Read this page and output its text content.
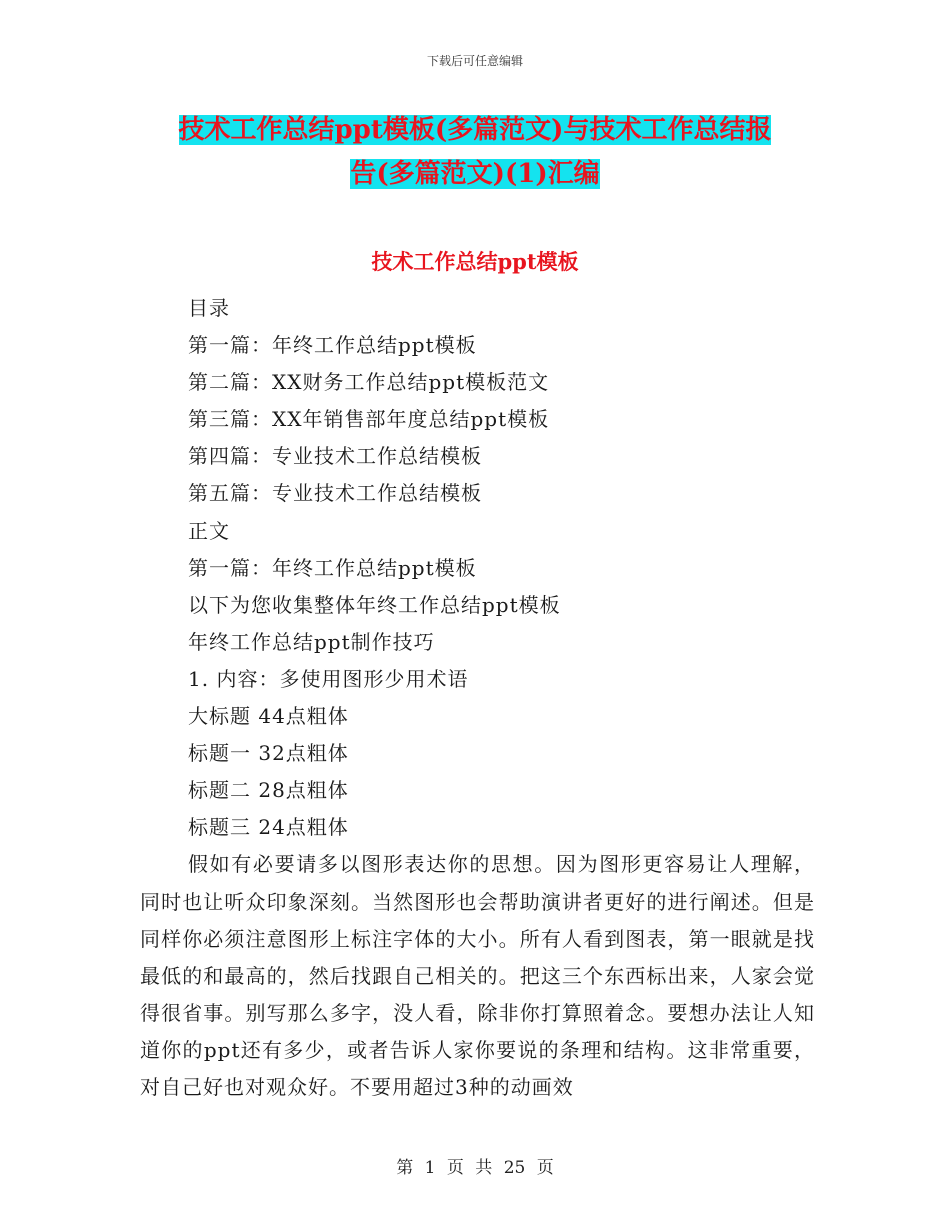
下载后可任意编辑
技术工作总结ppt模板(多篇范文)与技术工作总结报
告(多篇范文)(1)汇编
技术工作总结ppt模板
目录
第一篇：年终工作总结ppt模板
第二篇：XX财务工作总结ppt模板范文
第三篇：XX年销售部年度总结ppt模板
第四篇：专业技术工作总结模板
第五篇：专业技术工作总结模板
正文
第一篇：年终工作总结ppt模板
以下为您收集整体年终工作总结ppt模板
年终工作总结ppt制作技巧
1. 内容：多使用图形少用术语
大标题 44点粗体
标题一 32点粗体
标题二 28点粗体
标题三 24点粗体

假如有必要请多以图形表达你的思想。因为图形更容易让人理解，同时也让听众印象深刻。当然图形也会帮助演讲者更好的进行阐述。但是同样你必须注意图形上标注字体的大小。所有人看到图表，第一眼就是找最低的和最高的，然后找跟自己相关的。把这三个东西标出来，人家会觉得很省事。别写那么多字，没人看，除非你打算照着念。要想办法让人知道你的ppt还有多少，或者告诉人家你要说的条理和结构。这非常重要，对自己好也对观众好。不要用超过3种的动画效

第 1 页 共 25 页
